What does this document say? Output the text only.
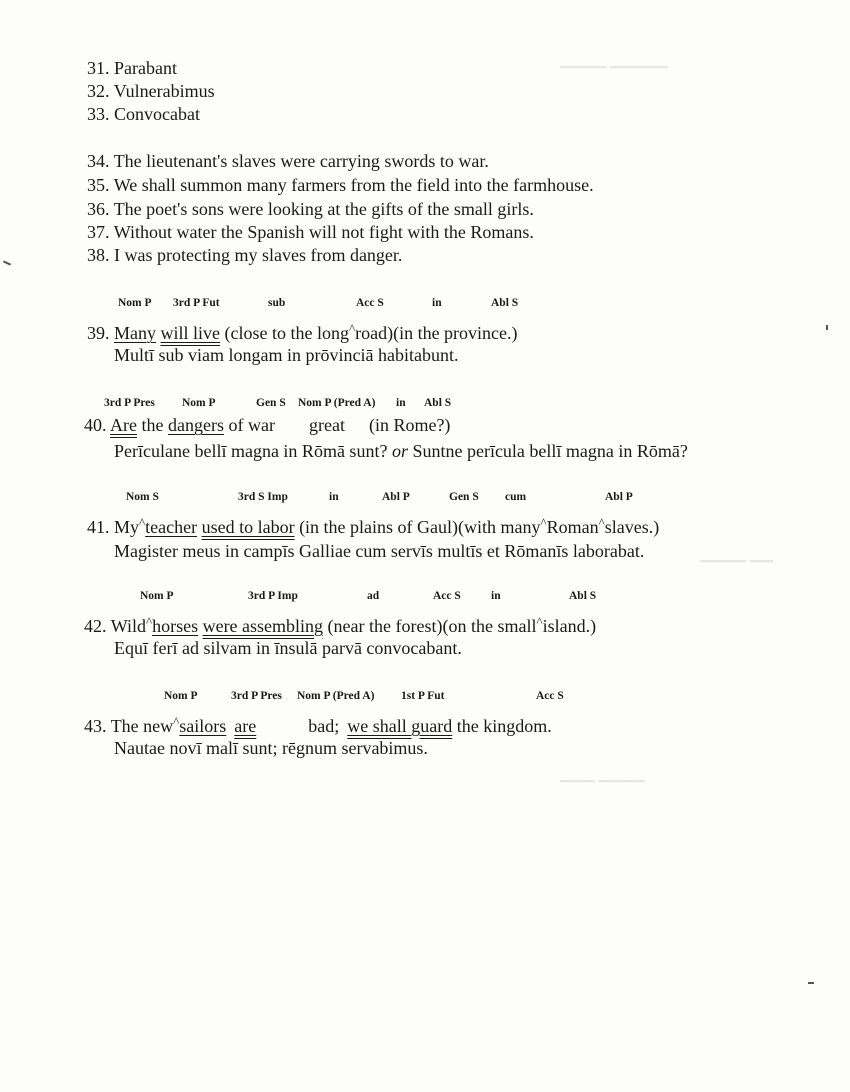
▔▔▔▔ ▔▔▔▔▔
▔▔▔▔ ▔▔
▔▔▔ ▔▔▔▔
31. Parabant
32. Vulnerabimus
33. Convocabat
34. The lieutenant's slaves were carrying swords to war.
35. We shall summon many farmers from the field into the farmhouse.
36. The poet's sons were looking at the gifts of the small girls.
37. Without water the Spanish will not fight with the Romans.
38. I was protecting my slaves from danger.
Nom P 3rd P Fut	sub	Acc S	in	Abl S
39. Many will live (close to the long^road)(in the province.)
Multī sub viam longam in prōvinciā habitabunt.
3rd P Pres Nom P	Gen S Nom P (Pred A) in Abl S
40. Are the dangers of war great (in Rome?)
Perīculane bellī magna in Rōmā sunt? or Suntne perīcula bellī magna in Rōmā?
Nom S	3rd S Imp	in	Abl P	Gen S cum	Abl P
41. My^teacher used to labor (in the plains of Gaul)(with many^Roman^slaves.)
Magister meus in campīs Galliae cum servīs multīs et Rōmanīs laborabat.
Nom P	3rd P Imp	ad	Acc S	in	Abl S
42. Wild^horses were assembling (near the forest)(on the small^island.)
Equī ferī ad silvam in īnsulā parvā convocabant.
Nom P	3rd P Pres Nom P (Pred A) 1st P Fut	Acc S
43. The new^sailors are	bad; we shall guard the kingdom.
Nautae novī malī sunt; rēgnum servabimus.
